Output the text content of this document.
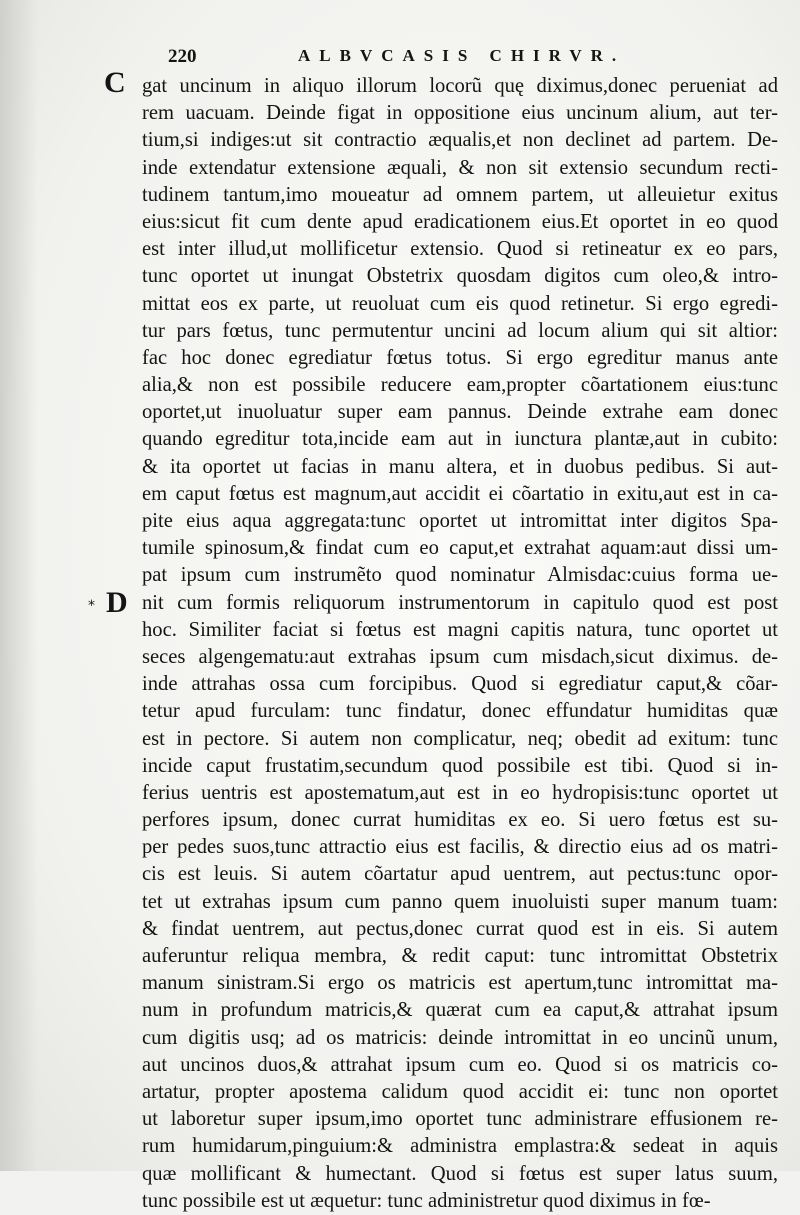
220	ALBVCASIS CHIRVR.
C
* D
gat uncinum in aliquo illorum locorũ quę diximus,donec perueniat ad
rem uacuam. Deinde figat in oppositione eius uncinum alium, aut ter-
tium,si indiges:ut sit contractio æqualis,et non declinet ad partem. De-
inde extendatur extensione æquali, & non sit extensio secundum recti-
tudinem tantum,imo moueatur ad omnem partem, ut alleuietur exitus
eius:sicut fit cum dente apud eradicationem eius.Et oportet in eo quod
est inter illud,ut mollificetur extensio. Quod si retineatur ex eo pars,
tunc oportet ut inungat Obstetrix quosdam digitos cum oleo,& intro-
mittat eos ex parte, ut reuoluat cum eis quod retinetur. Si ergo egredi-
tur pars fœtus, tunc permutentur uncini ad locum alium qui sit altior:
fac hoc donec egrediatur fœtus totus. Si ergo egreditur manus ante
alia,& non est possibile reducere eam,propter cõartationem eius:tunc
oportet,ut inuoluatur super eam pannus. Deinde extrahe eam donec
quando egreditur tota,incide eam aut in iunctura plantæ,aut in cubito:
& ita oportet ut facias in manu altera, et in duobus pedibus. Si aut-
em caput fœtus est magnum,aut accidit ei cõartatio in exitu,aut est in ca-
pite eius aqua aggregata:tunc oportet ut intromittat inter digitos Spa-
tumile spinosum,& findat cum eo caput,et extrahat aquam:aut dissi um-
pat ipsum cum instrumẽto quod nominatur Almisdac:cuius forma ue-
nit cum formis reliquorum instrumentorum in capitulo quod est post
hoc. Similiter faciat si fœtus est magni capitis natura, tunc oportet ut
seces algengematu:aut extrahas ipsum cum misdach,sicut diximus. de-
inde attrahas ossa cum forcipibus. Quod si egrediatur caput,& cõar-
tetur apud furculam: tunc findatur, donec effundatur humiditas quæ
est in pectore. Si autem non complicatur, neq; obedit ad exitum: tunc
incide caput frustatim,secundum quod possibile est tibi. Quod si in-
ferius uentris est apostematum,aut est in eo hydropisis:tunc oportet ut
perfores ipsum, donec currat humiditas ex eo. Si uero fœtus est su-
per pedes suos,tunc attractio eius est facilis, & directio eius ad os matri-
cis est leuis. Si autem cõartatur apud uentrem, aut pectus:tunc opor-
tet ut extrahas ipsum cum panno quem inuoluisti super manum tuam:
& findat uentrem, aut pectus,donec currat quod est in eis. Si autem
auferuntur reliqua membra, & redit caput: tunc intromittat Obstetrix
manum sinistram.Si ergo os matricis est apertum,tunc intromittat ma-
num in profundum matricis,& quærat cum ea caput,& attrahat ipsum
cum digitis usq; ad os matricis: deinde intromittat in eo uncinũ unum,
aut uncinos duos,& attrahat ipsum cum eo. Quod si os matricis co-
artatur, propter apostema calidum quod accidit ei: tunc non oportet
ut laboretur super ipsum,imo oportet tunc administrare effusionem re-
rum humidarum,pinguium:& administra emplastra:& sedeat in aquis
quæ mollificant & humectant. Quod si fœtus est super latus suum,
tunc possibile est ut æquetur: tunc administretur quod diximus in fœ-
